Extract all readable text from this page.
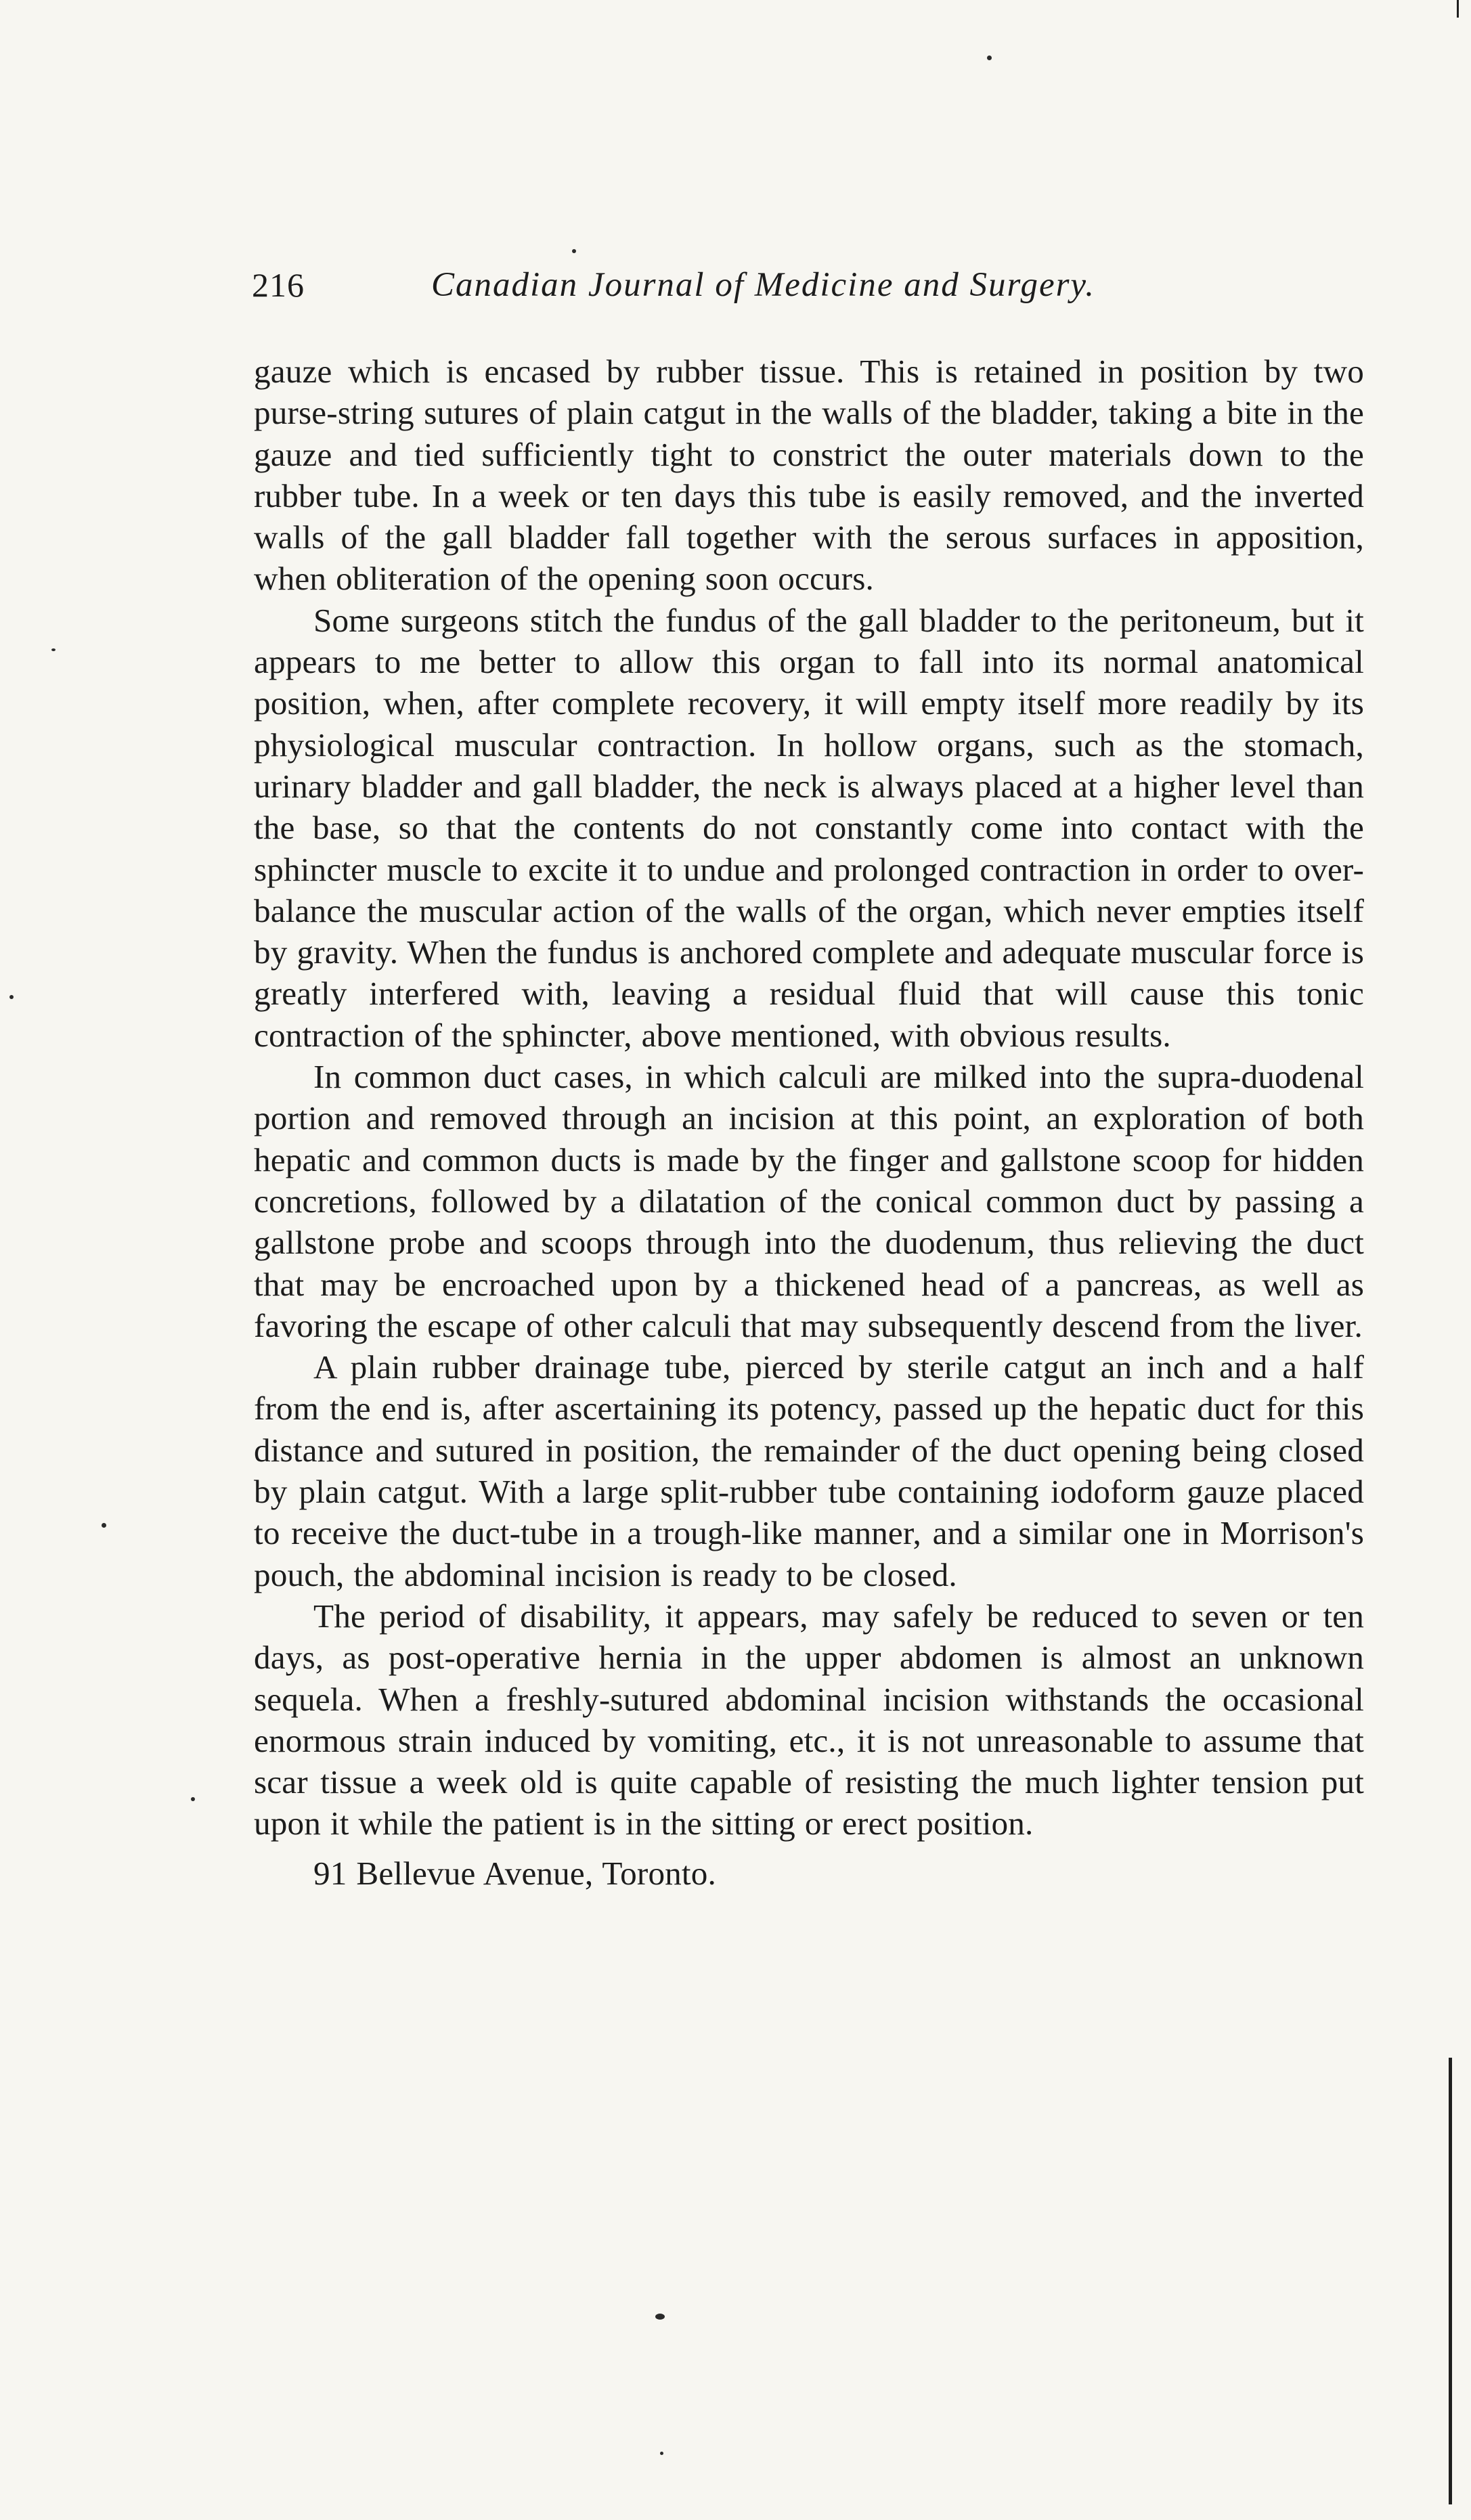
216	Canadian Journal of Medicine and Surgery.

gauze which is encased by rubber tissue. This is retained in position by two purse-string sutures of plain catgut in the walls of the bladder, taking a bite in the gauze and tied sufficiently tight to constrict the outer materials down to the rubber tube. In a week or ten days this tube is easily removed, and the inverted walls of the gall bladder fall together with the serous surfaces in apposition, when obliteration of the opening soon occurs.

Some surgeons stitch the fundus of the gall bladder to the peritoneum, but it appears to me better to allow this organ to fall into its normal anatomical position, when, after complete recovery, it will empty itself more readily by its physiological muscular contraction. In hollow organs, such as the stomach, urinary bladder and gall bladder, the neck is always placed at a higher level than the base, so that the contents do not constantly come into contact with the sphincter muscle to excite it to undue and prolonged contraction in order to over-balance the muscular action of the walls of the organ, which never empties itself by gravity. When the fundus is anchored complete and adequate muscular force is greatly interfered with, leaving a residual fluid that will cause this tonic contraction of the sphincter, above mentioned, with obvious results.

In common duct cases, in which calculi are milked into the supra-duodenal portion and removed through an incision at this point, an exploration of both hepatic and common ducts is made by the finger and gallstone scoop for hidden concretions, followed by a dilatation of the conical common duct by passing a gallstone probe and scoops through into the duodenum, thus relieving the duct that may be encroached upon by a thickened head of a pancreas, as well as favoring the escape of other calculi that may subsequently descend from the liver.

A plain rubber drainage tube, pierced by sterile catgut an inch and a half from the end is, after ascertaining its potency, passed up the hepatic duct for this distance and sutured in position, the remainder of the duct opening being closed by plain catgut. With a large split-rubber tube containing iodoform gauze placed to receive the duct-tube in a trough-like manner, and a similar one in Morrison's pouch, the abdominal incision is ready to be closed.

The period of disability, it appears, may safely be reduced to seven or ten days, as post-operative hernia in the upper abdomen is almost an unknown sequela. When a freshly-sutured abdominal incision withstands the occasional enormous strain induced by vomiting, etc., it is not unreasonable to assume that scar tissue a week old is quite capable of resisting the much lighter tension put upon it while the patient is in the sitting or erect position.

91 Bellevue Avenue, Toronto.
